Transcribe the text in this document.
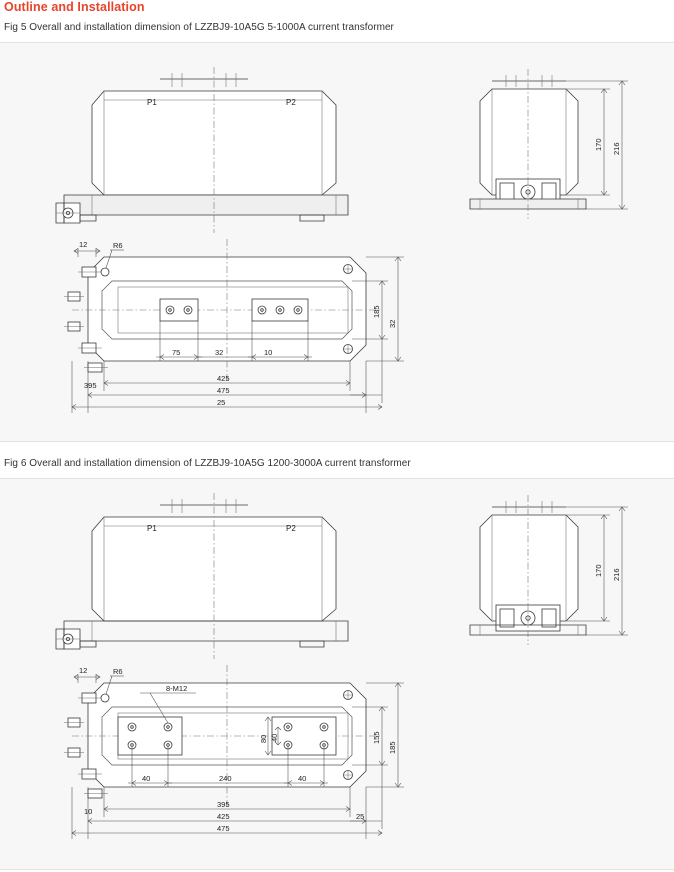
Outline and Installation
Fig 5 Overall and installation dimension of LZZBJ9-10A5G 5-1000A current transformer
P1	P2
170 216
12	R6
185
32
75	32	10
395
425
475
25
Fig 6 Overall and installation dimension of LZZBJ9-10A5G 1200-3000A current transformer
P1	P2
170 216
8-M12
12	R6
155
185
80 40
40	240	40
10
395
425
475
25
